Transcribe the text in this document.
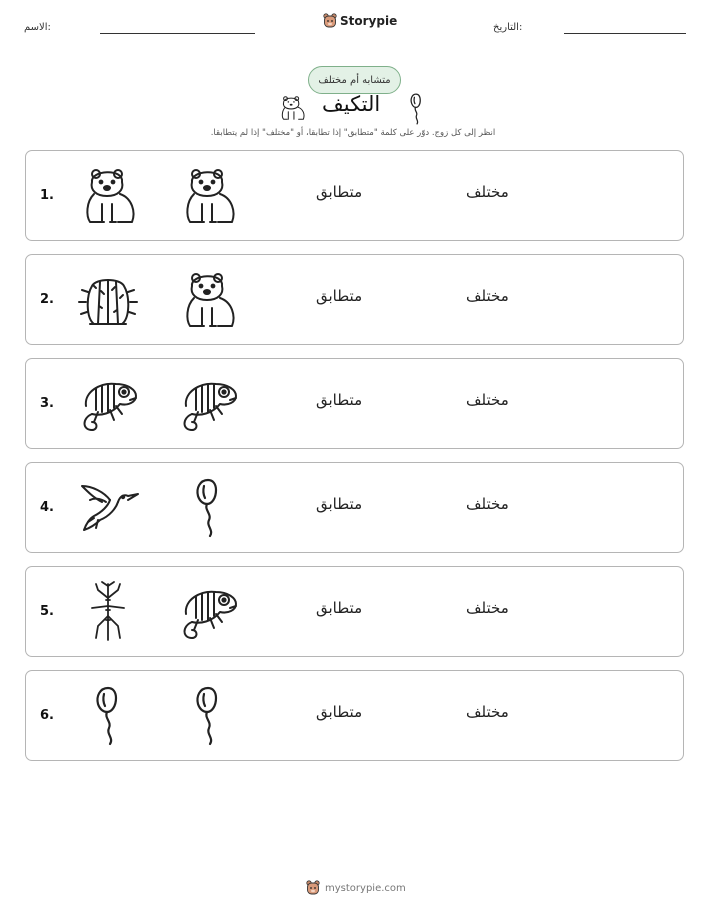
الاسم:	Storypie	التاريخ:
متشابه أم مختلف
التكيف
انظر إلى كل زوج. دوّر على كلمة "متطابق" إذا تطابقا، أو "مختلف" إذا لم يتطابقا.
1.	متطابق	مختلف
2.	متطابق	مختلف
3.	متطابق	مختلف
4.	متطابق	مختلف
5.	متطابق	مختلف
6.	متطابق	مختلف
mystorypie.com
